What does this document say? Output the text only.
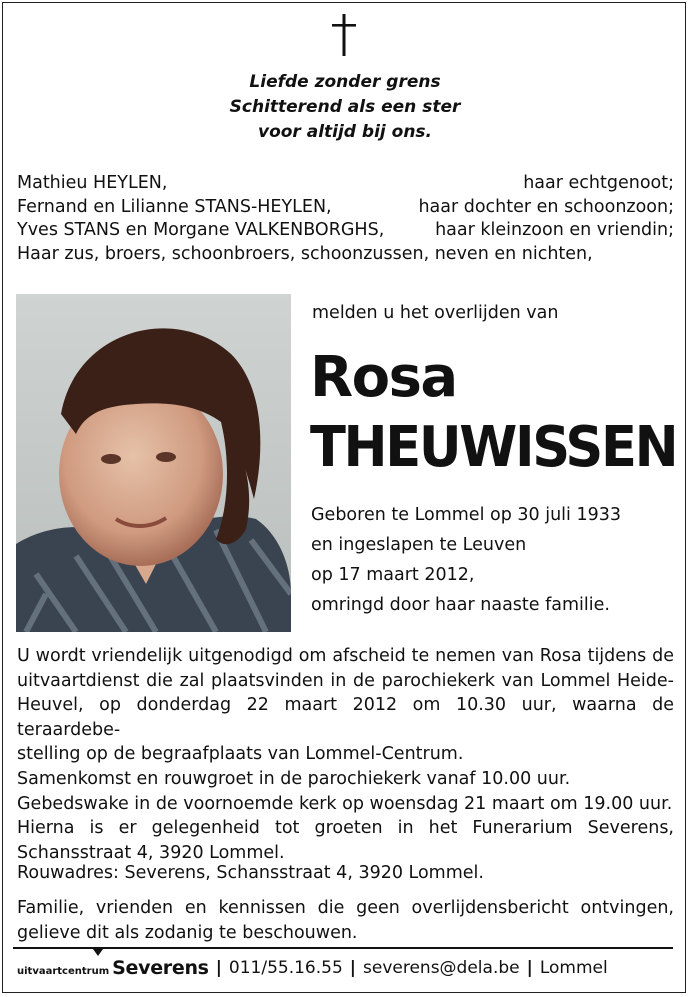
Liefde zonder grens
Schitterend als een ster
voor altijd bij ons.
Mathieu HEYLEN,	haar echtgenoot;
Fernand en Lilianne STANS-HEYLEN,	haar dochter en schoonzoon;
Yves STANS en Morgane VALKENBORGHS,	haar kleinzoon en vriendin;
Haar zus, broers, schoonbroers, schoonzussen, neven en nichten,
melden u het overlijden van
Rosa
THEUWISSEN
Geboren te Lommel op 30 juli 1933
en ingeslapen te Leuven
op 17 maart 2012,
omringd door haar naaste familie.
U wordt vriendelijk uitgenodigd om afscheid te nemen van Rosa tijdens de
uitvaartdienst die zal plaatsvinden in de parochiekerk van Lommel Heide-
Heuvel, op donderdag 22 maart 2012 om 10.30 uur, waarna de teraardebe-
stelling op de begraafplaats van Lommel-Centrum.
Samenkomst en rouwgroet in de parochiekerk vanaf 10.00 uur.
Gebedswake in de voornoemde kerk op woensdag 21 maart om 19.00 uur.
Hierna is er gelegenheid tot groeten in het Funerarium Severens,
Schansstraat 4, 3920 Lommel.
Rouwadres: Severens, Schansstraat 4, 3920 Lommel.
Familie, vrienden en kennissen die geen overlijdensbericht ontvingen,
gelieve dit als zodanig te beschouwen.
uitvaartcentrum Severens | 011/55.16.55 | severens@dela.be | Lommel
